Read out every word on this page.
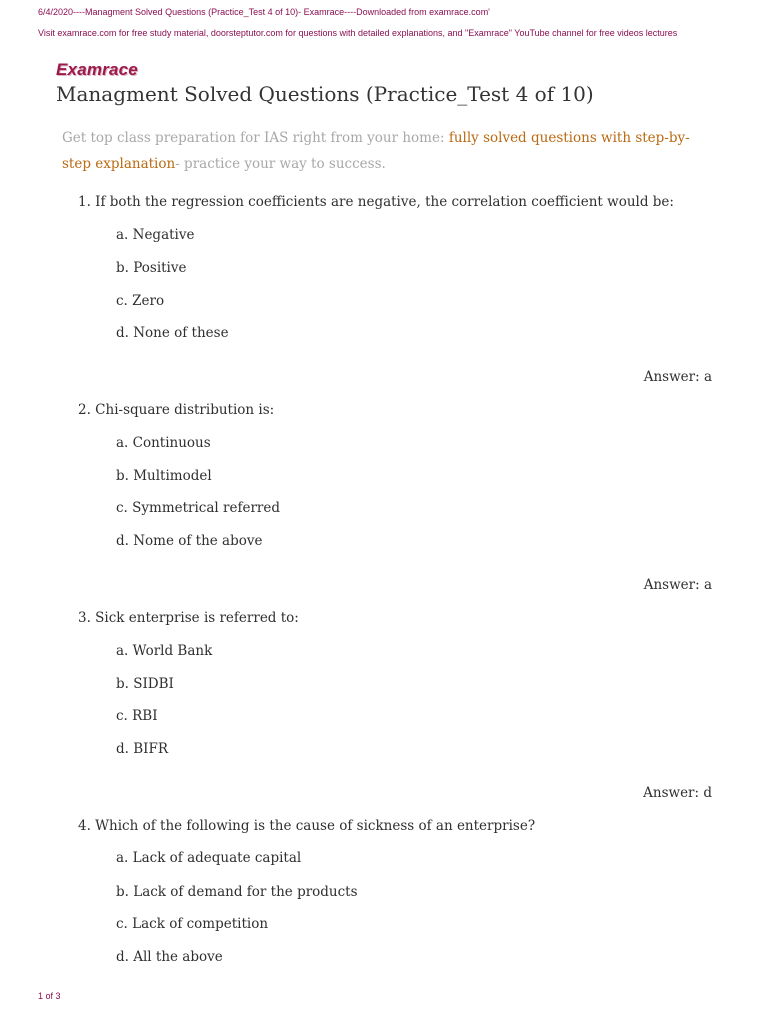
6/4/2020----Managment Solved Questions (Practice_Test 4 of 10)- Examrace----Downloaded from examrace.com'
Visit examrace.com for free study material, doorsteptutor.com for questions with detailed explanations, and "Examrace" YouTube channel for free videos lectures
Examrace
Managment Solved Questions (Practice_Test 4 of 10)
Get top class preparation for IAS right from your home: fully solved questions with step-by-step explanation- practice your way to success.
1. If both the regression coefficients are negative, the correlation coefficient would be:
a. Negative
b. Positive
c. Zero
d. None of these
Answer: a
2. Chi-square distribution is:
a. Continuous
b. Multimodel
c. Symmetrical referred
d. Nome of the above
Answer: a
3. Sick enterprise is referred to:
a. World Bank
b. SIDBI
c. RBI
d. BIFR
Answer: d
4. Which of the following is the cause of sickness of an enterprise?
a. Lack of adequate capital
b. Lack of demand for the products
c. Lack of competition
d. All the above
1 of 3
